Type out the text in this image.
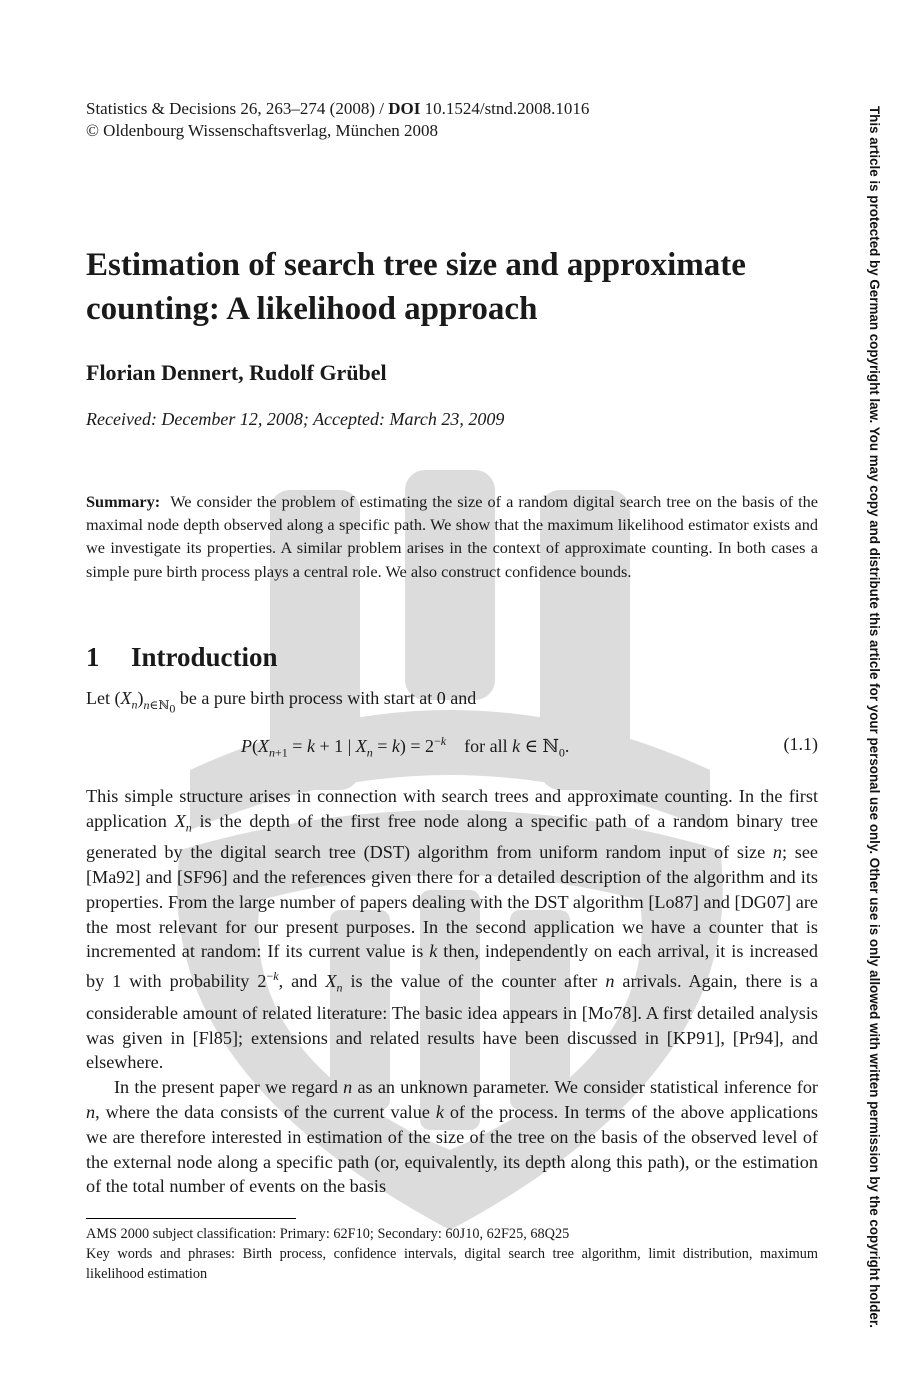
Statistics & Decisions 26, 263–274 (2008) / DOI 10.1524/stnd.2008.1016
© Oldenbourg Wissenschaftsverlag, München 2008
Estimation of search tree size and approximate counting: A likelihood approach
Florian Dennert, Rudolf Grübel
Received: December 12, 2008; Accepted: March 23, 2009
Summary: We consider the problem of estimating the size of a random digital search tree on the basis of the maximal node depth observed along a specific path. We show that the maximum likelihood estimator exists and we investigate its properties. A similar problem arises in the context of approximate counting. In both cases a simple pure birth process plays a central role. We also construct confidence bounds.
1 Introduction
Let $(X_n)_{n\in ℕ_0}$ be a pure birth process with start at 0 and
$P(X_{n+1} = k + 1$ | $X_n = k) = 2^{-k}$    for all k ∈ ℕ$_0$.	(1.1)

This simple structure arises in connection with search trees and approximate counting. In the first application $X_n$ is the depth of the first free node along a specific path of a random binary tree generated by the digital search tree (DST) algorithm from uniform random input of size n; see [Ma92] and [SF96] and the references given there for a detailed description of the algorithm and its properties. From the large number of papers dealing with the DST algorithm [Lo87] and [DG07] are the most relevant for our present purposes. In the second application we have a counter that is incremented at random: If its current value is k then, independently on each arrival, it is increased by 1 with probability $2^{-k}$, and $X_n$ is the value of the counter after n arrivals. Again, there is a considerable amount of related literature: The basic idea appears in [Mo78]. A first detailed analysis was given in [Fl85]; extensions and related results have been discussed in [KP91], [Pr94], and elsewhere.

In the present paper we regard n as an unknown parameter. We consider statistical inference for n, where the data consists of the current value k of the process. In terms of the above applications we are therefore interested in estimation of the size of the tree on the basis of the observed level of the external node along a specific path (or, equivalently, its depth along this path), or the estimation of the total number of events on the basis

AMS 2000 subject classification: Primary: 62F10; Secondary: 60J10, 62F25, 68Q25

Key words and phrases: Birth process, confidence intervals, digital search tree algorithm, limit distribution, maximum likelihood estimation	This article is protected by German copyright law. You may copy and distribute this article for your personal use only. Other use is only allowed with written permission by the copyright holder.
